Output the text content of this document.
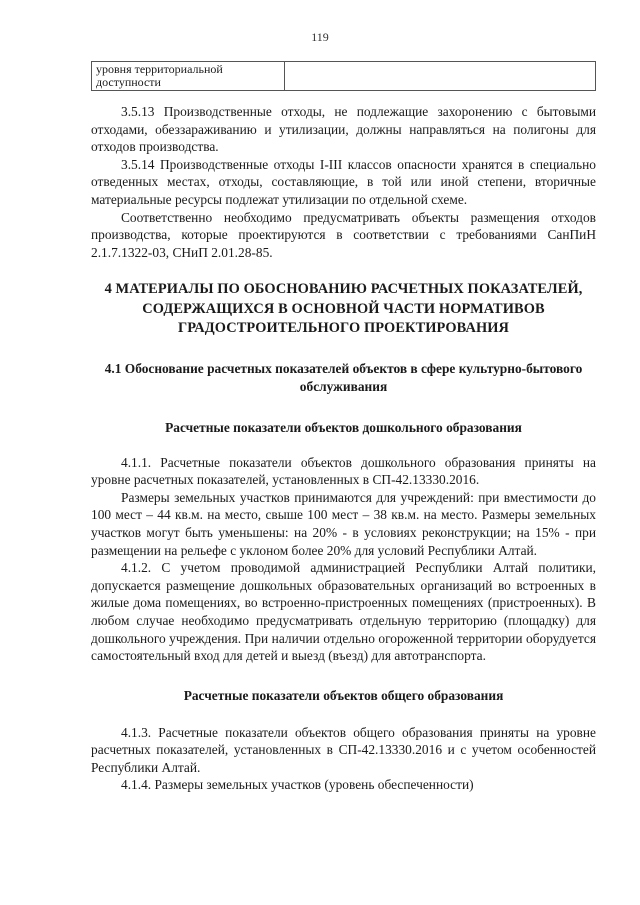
119
уровня территориальной доступности	

3.5.13 Производственные отходы, не подлежащие захоронению с бытовыми отходами, обеззараживанию и утилизации, должны направляться на полигоны для отходов производства.

3.5.14 Производственные отходы I-III классов опасности хранятся в специально отведенных местах, отходы, составляющие, в той или иной степени, вторичные материальные ресурсы подлежат утилизации по отдельной схеме.

Соответственно необходимо предусматривать объекты размещения отходов производства, которые проектируются в соответствии с требованиями СанПиН 2.1.7.1322-03, СНиП 2.01.28-85.

4 МАТЕРИАЛЫ ПО ОБОСНОВАНИЮ РАСЧЕТНЫХ ПОКАЗАТЕЛЕЙ, СОДЕРЖАЩИХСЯ В ОСНОВНОЙ ЧАСТИ НОРМАТИВОВ ГРАДОСТРОИТЕЛЬНОГО ПРОЕКТИРОВАНИЯ
4.1 Обоснование расчетных показателей объектов в сфере культурно-бытового обслуживания
Расчетные показатели объектов дошкольного образования

4.1.1. Расчетные показатели объектов дошкольного образования приняты на уровне расчетных показателей, установленных в СП-42.13330.2016.

Размеры земельных участков принимаются для учреждений: при вместимости до 100 мест – 44 кв.м. на место, свыше 100 мест – 38 кв.м. на место. Размеры земельных участков могут быть уменьшены: на 20% - в условиях реконструкции; на 15% - при размещении на рельефе с уклоном более 20% для условий Республики Алтай.

4.1.2. С учетом проводимой администрацией Республики Алтай политики, допускается размещение дошкольных образовательных организаций во встроенных в жилые дома помещениях, во встроенно-пристроенных помещениях (пристроенных). В любом случае необходимо предусматривать отдельную территорию (площадку) для дошкольного учреждения. При наличии отдельно огороженной территории оборудуется самостоятельный вход для детей и выезд (въезд) для автотранспорта.

Расчетные показатели объектов общего образования

4.1.3. Расчетные показатели объектов общего образования приняты на уровне расчетных показателей, установленных в СП-42.13330.2016 и с учетом особенностей Республики Алтай.

4.1.4. Размеры земельных участков (уровень обеспеченности)
